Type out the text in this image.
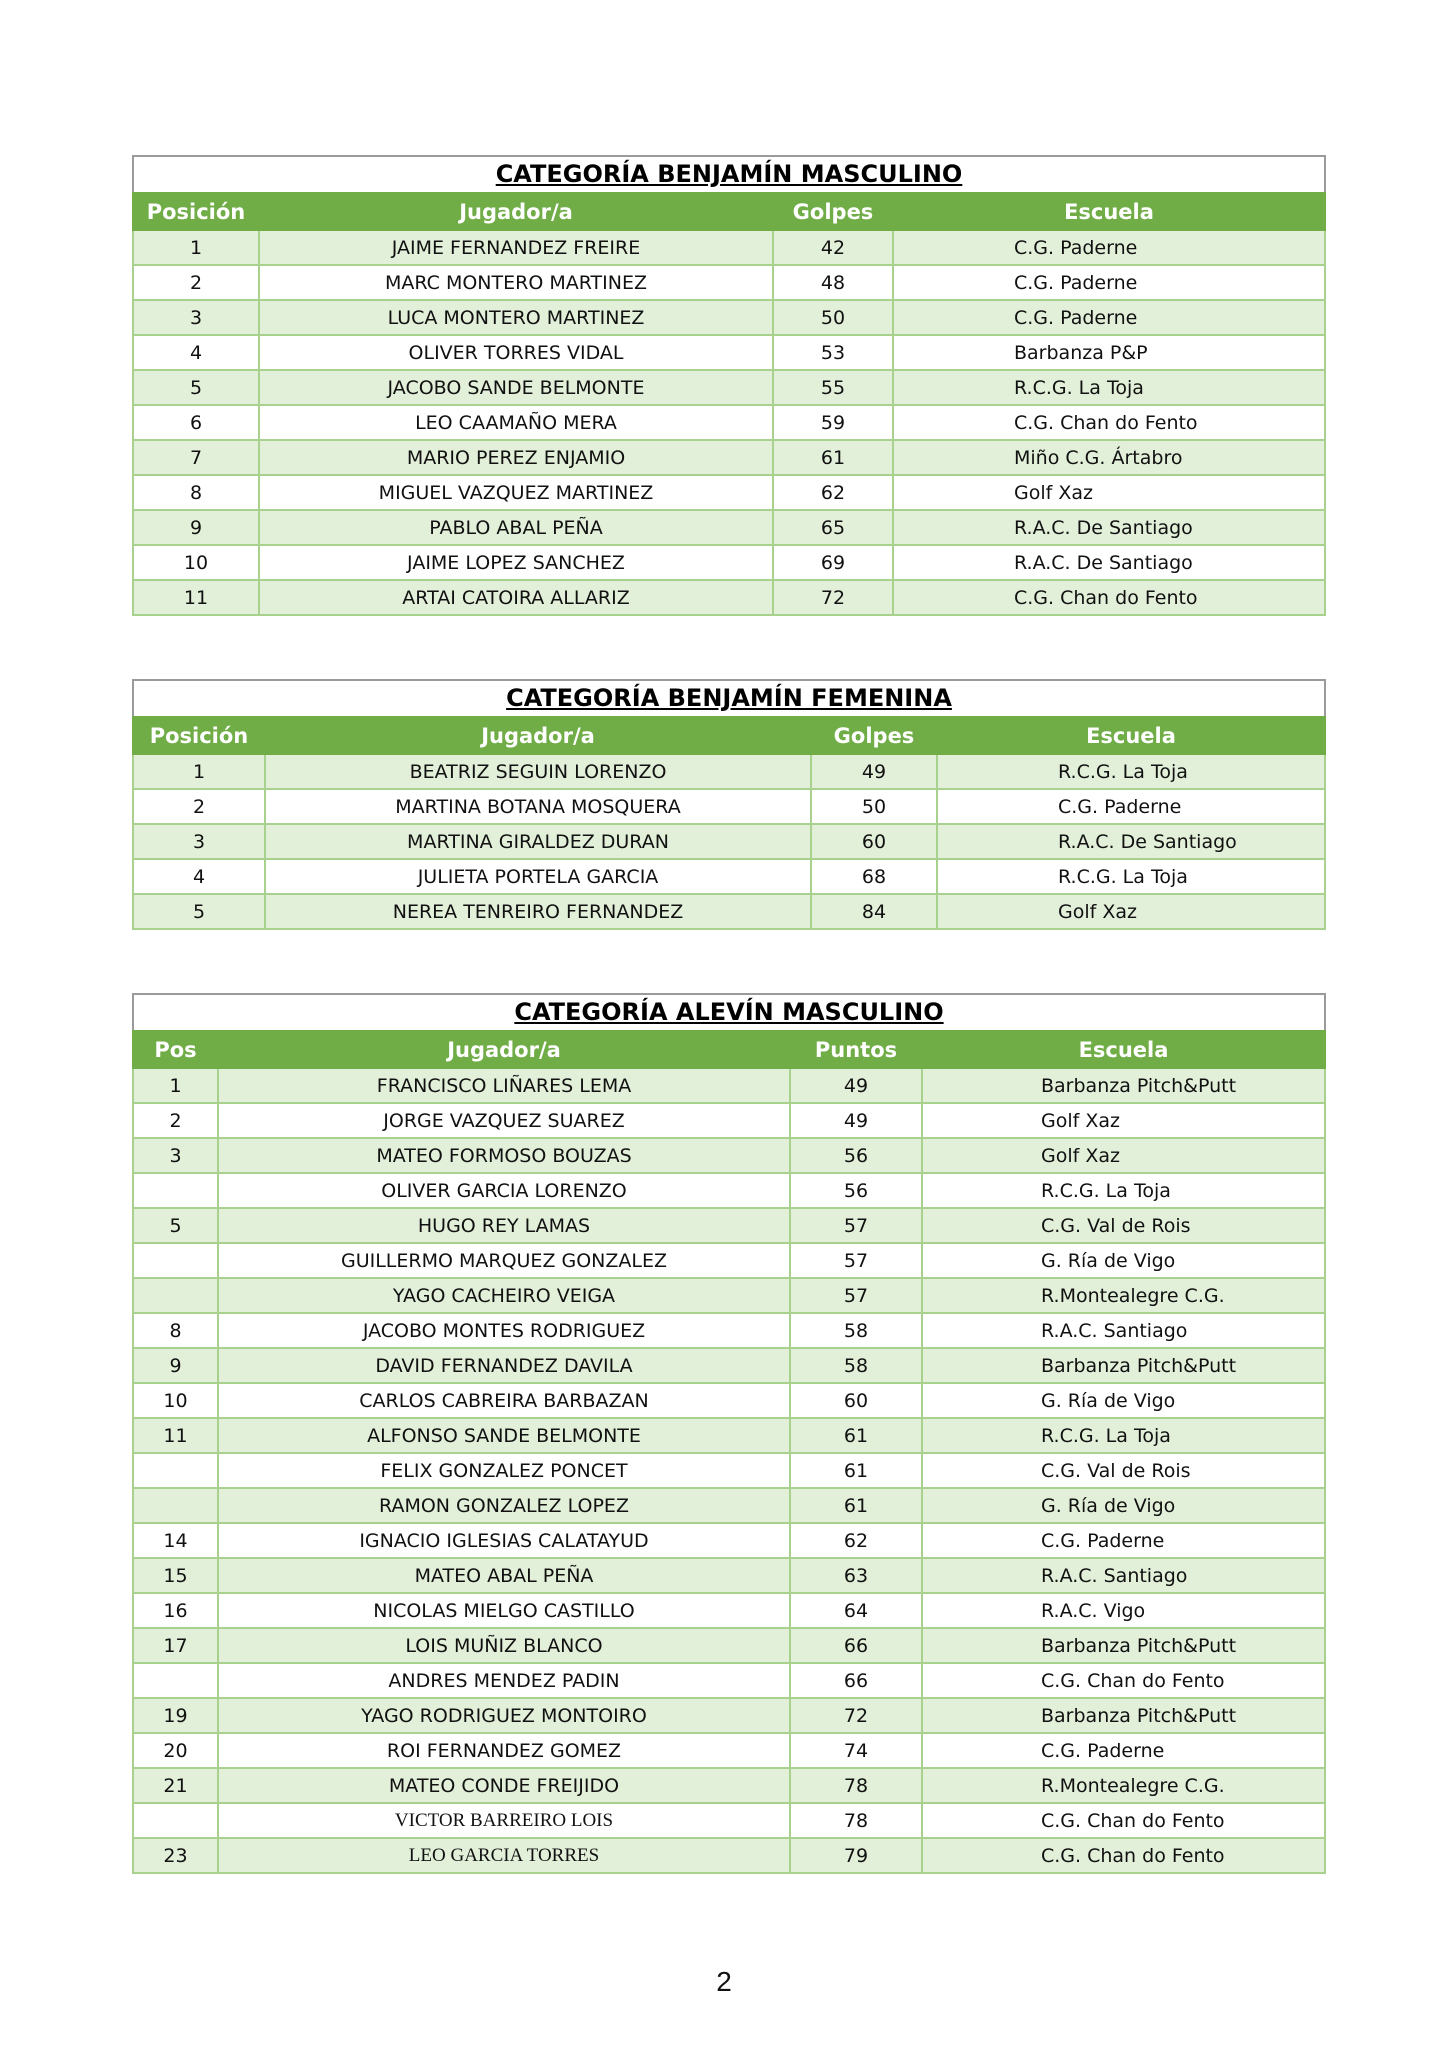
CATEGORÍA BENJAMÍN MASCULINO
Posición	Jugador/a	Golpes	Escuela
1	JAIME FERNANDEZ FREIRE	42	C.G. Paderne
2	MARC MONTERO MARTINEZ	48	C.G. Paderne
3	LUCA MONTERO MARTINEZ	50	C.G. Paderne
4	OLIVER TORRES VIDAL	53	Barbanza P&P
5	JACOBO SANDE BELMONTE	55	R.C.G. La Toja
6	LEO CAAMAÑO MERA	59	C.G. Chan do Fento
7	MARIO PEREZ ENJAMIO	61	Miño C.G. Ártabro
8	MIGUEL VAZQUEZ MARTINEZ	62	Golf Xaz
9	PABLO ABAL PEÑA	65	R.A.C. De Santiago
10	JAIME LOPEZ SANCHEZ	69	R.A.C. De Santiago
11	ARTAI CATOIRA ALLARIZ	72	C.G. Chan do Fento
CATEGORÍA BENJAMÍN FEMENINA
Posición	Jugador/a	Golpes	Escuela
1	BEATRIZ SEGUIN LORENZO	49	R.C.G. La Toja
2	MARTINA BOTANA MOSQUERA	50	C.G. Paderne
3	MARTINA GIRALDEZ DURAN	60	R.A.C. De Santiago
4	JULIETA PORTELA GARCIA	68	R.C.G. La Toja
5	NEREA TENREIRO FERNANDEZ	84	Golf Xaz
CATEGORÍA ALEVÍN MASCULINO
Pos	Jugador/a	Puntos	Escuela
1	FRANCISCO LIÑARES LEMA	49	Barbanza Pitch&Putt
2	JORGE VAZQUEZ SUAREZ	49	Golf Xaz
3	MATEO FORMOSO BOUZAS	56	Golf Xaz
	OLIVER GARCIA LORENZO	56	R.C.G. La Toja
5	HUGO REY LAMAS	57	C.G. Val de Rois
	GUILLERMO MARQUEZ GONZALEZ	57	G. Ría de Vigo
	YAGO CACHEIRO VEIGA	57	R.Montealegre C.G.
8	JACOBO MONTES RODRIGUEZ	58	R.A.C. Santiago
9	DAVID FERNANDEZ DAVILA	58	Barbanza Pitch&Putt
10	CARLOS CABREIRA BARBAZAN	60	G. Ría de Vigo
11	ALFONSO SANDE BELMONTE	61	R.C.G. La Toja
	FELIX GONZALEZ PONCET	61	C.G. Val de Rois
	RAMON GONZALEZ LOPEZ	61	G. Ría de Vigo
14	IGNACIO IGLESIAS CALATAYUD	62	C.G. Paderne
15	MATEO ABAL PEÑA	63	R.A.C. Santiago
16	NICOLAS MIELGO CASTILLO	64	R.A.C. Vigo
17	LOIS MUÑIZ BLANCO	66	Barbanza Pitch&Putt
	ANDRES MENDEZ PADIN	66	C.G. Chan do Fento
19	YAGO RODRIGUEZ MONTOIRO	72	Barbanza Pitch&Putt
20	ROI FERNANDEZ GOMEZ	74	C.G. Paderne
21	MATEO CONDE FREIJIDO	78	R.Montealegre C.G.
	VICTOR BARREIRO LOIS	78	C.G. Chan do Fento
23	LEO GARCIA TORRES	79	C.G. Chan do Fento
2
